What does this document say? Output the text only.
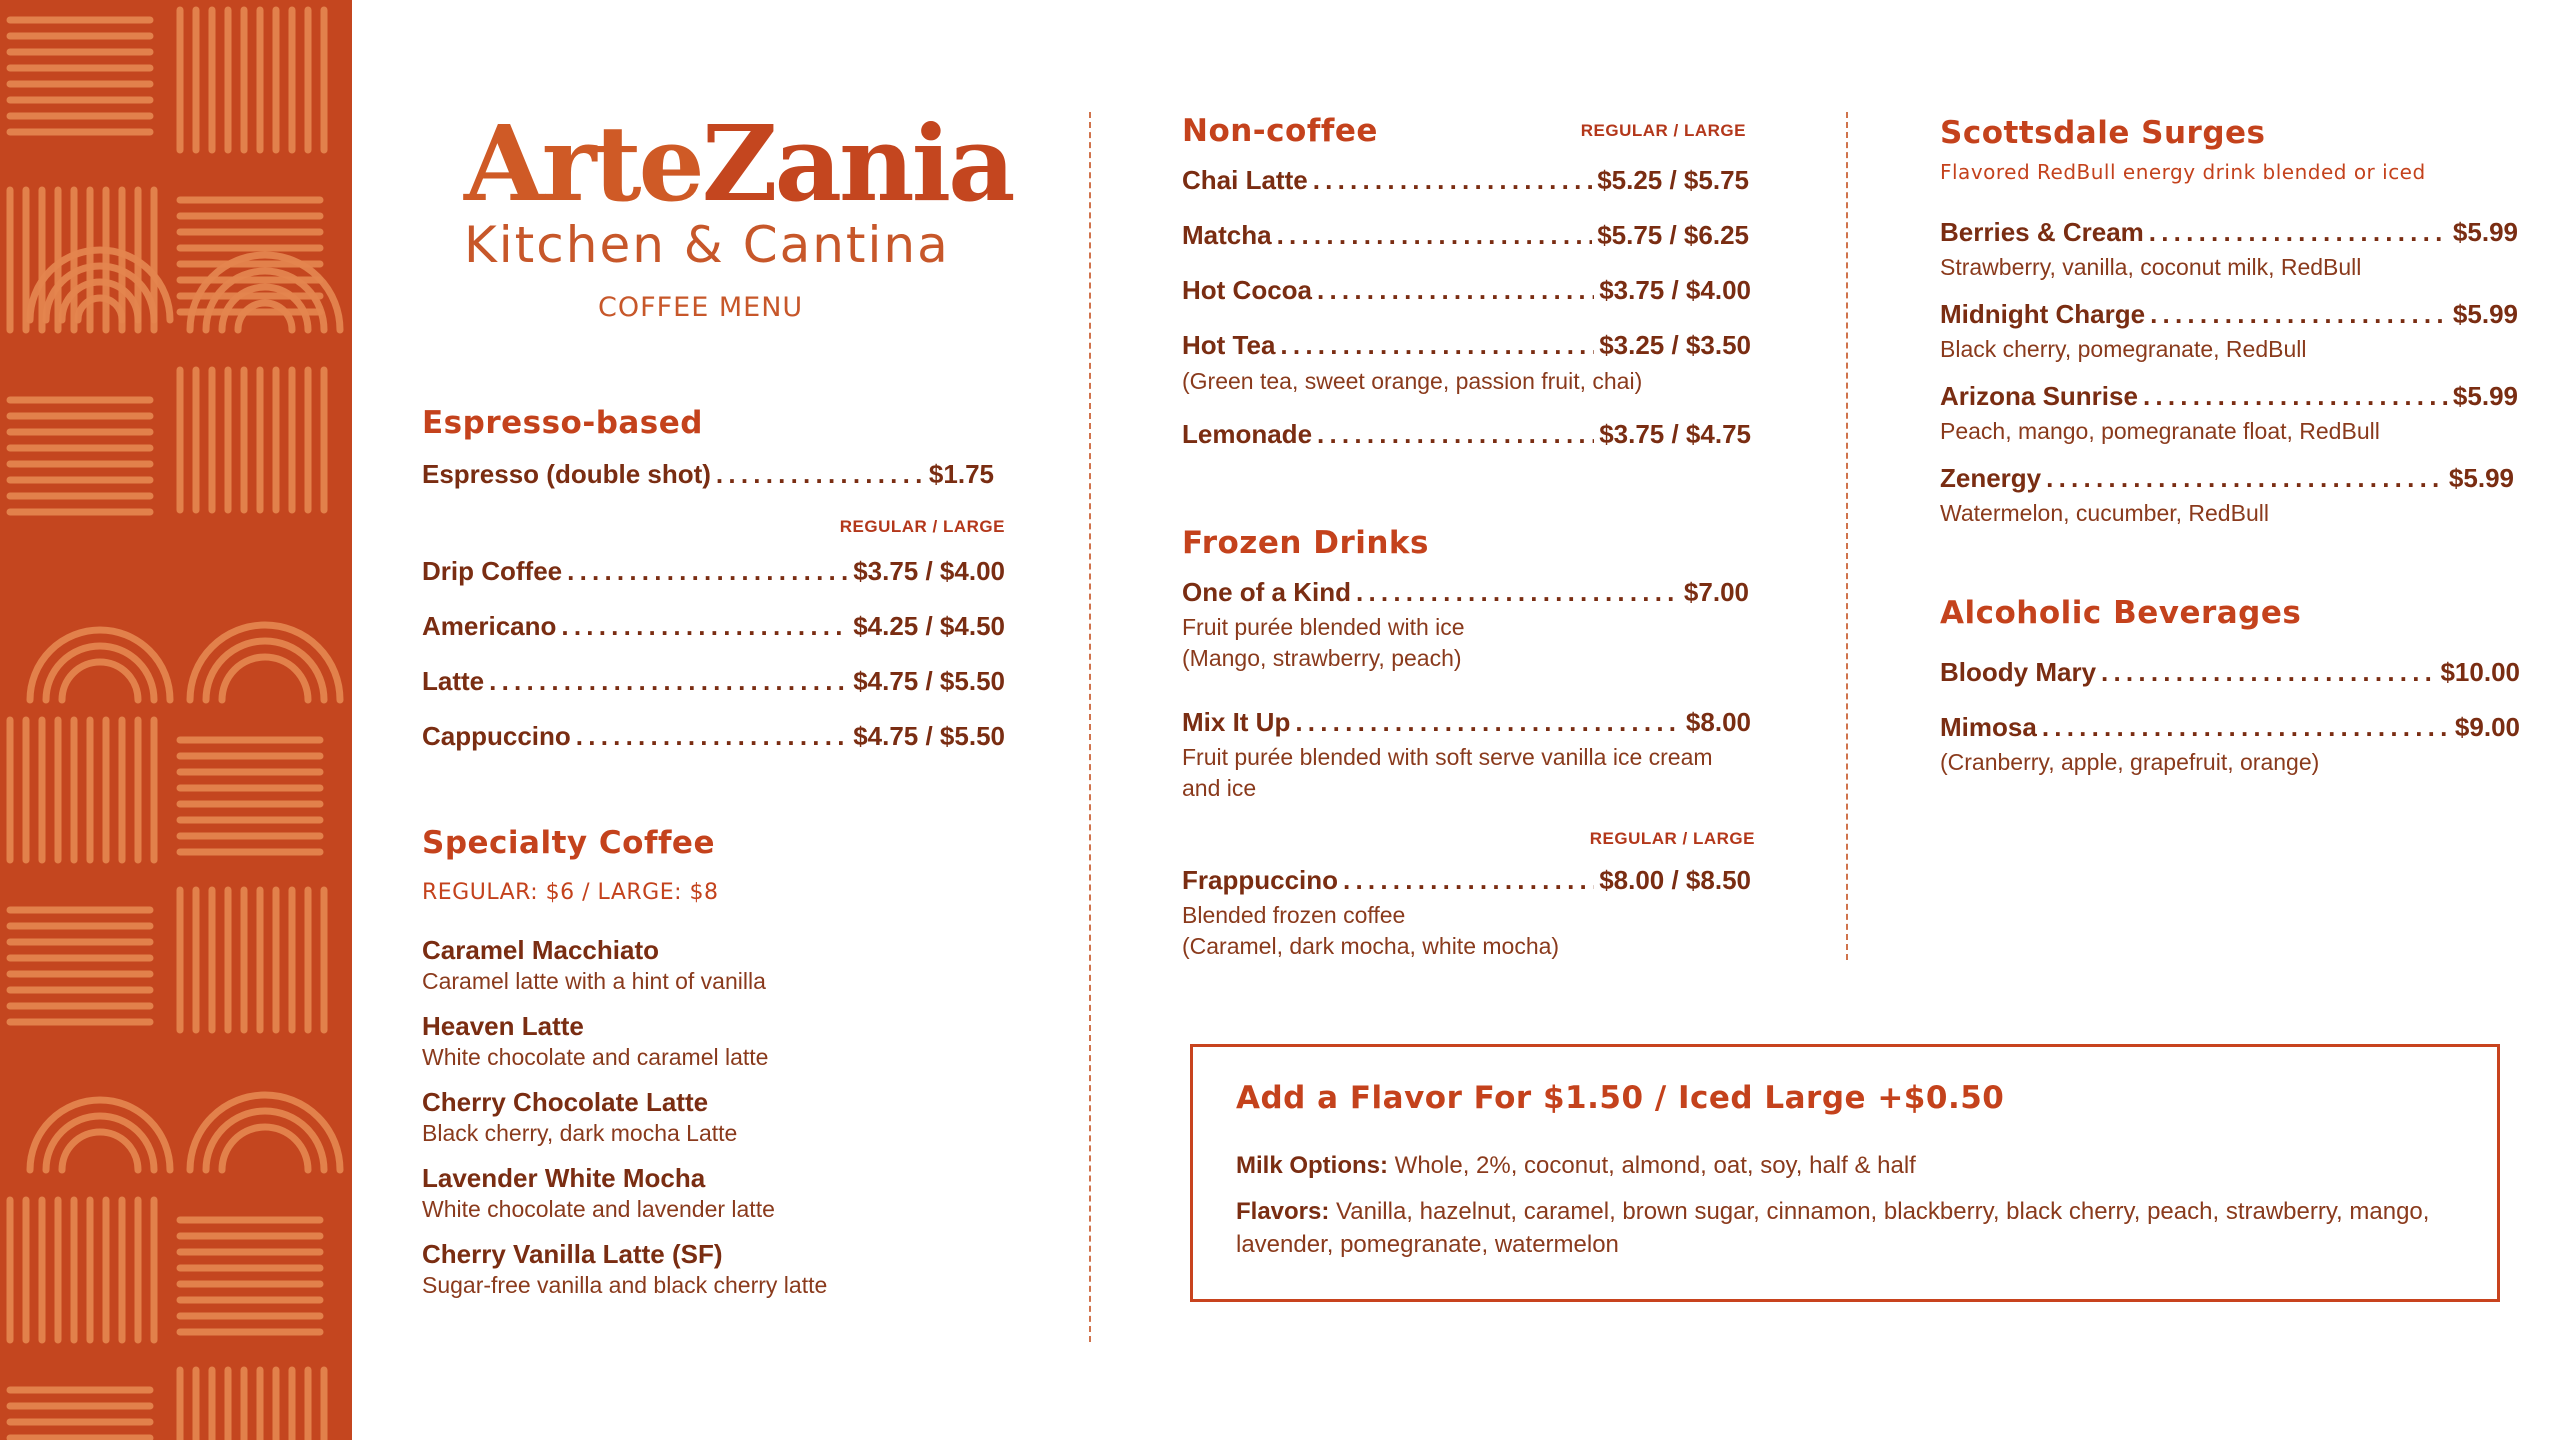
ArteZania
Kitchen & Cantina
COFFEE MENU
Espresso-based
Espresso (double shot) . . .	$1.75
REGULAR / LARGE
Drip Coffee . . .	$3.75 / $4.00
Americano . . .	$4.25 / $4.50
Latte . . .	$4.75 / $5.50
Cappuccino . . .	$4.75 / $5.50
Specialty Coffee
REGULAR: $6 / LARGE: $8
Caramel Macchiato
Caramel latte with a hint of vanilla
Heaven Latte
White chocolate and caramel latte
Cherry Chocolate Latte
Black cherry, dark mocha Latte
Lavender White Mocha
White chocolate and lavender latte
Cherry Vanilla Latte (SF)
Sugar-free vanilla and black cherry latte
Non-coffee	REGULAR / LARGE
Chai Latte . . .	$5.25 / $5.75
Matcha . . .	$5.75 / $6.25
Hot Cocoa . . .	$3.75 / $4.00
Hot Tea . . .	$3.25 / $3.50
(Green tea, sweet orange, passion fruit, chai)
Lemonade . . .	$3.75 / $4.75
Frozen Drinks
One of a Kind . . .	$7.00
Fruit purée blended with ice
(Mango, strawberry, peach)
Mix It Up . . .	$8.00
Fruit purée blended with soft serve vanilla ice cream
and ice
REGULAR / LARGE
Frappuccino . . .	$8.00 / $8.50
Blended frozen coffee
(Caramel, dark mocha, white mocha)
Scottsdale Surges
Flavored RedBull energy drink blended or iced
Berries & Cream . . .	$5.99
Strawberry, vanilla, coconut milk, RedBull
Midnight Charge . . .	$5.99
Black cherry, pomegranate, RedBull
Arizona Sunrise . . .	$5.99
Peach, mango, pomegranate float, RedBull
Zenergy . . .	$5.99
Watermelon, cucumber, RedBull
Alcoholic Beverages
Bloody Mary . . .	$10.00
Mimosa . . .	$9.00
(Cranberry, apple, grapefruit, orange)
Add a Flavor For $1.50 / Iced Large +$0.50
Milk Options: Whole, 2%, coconut, almond, oat, soy, half & half
Flavors: Vanilla, hazelnut, caramel, brown sugar, cinnamon, blackberry, black cherry, peach, strawberry, mango, lavender, pomegranate, watermelon
